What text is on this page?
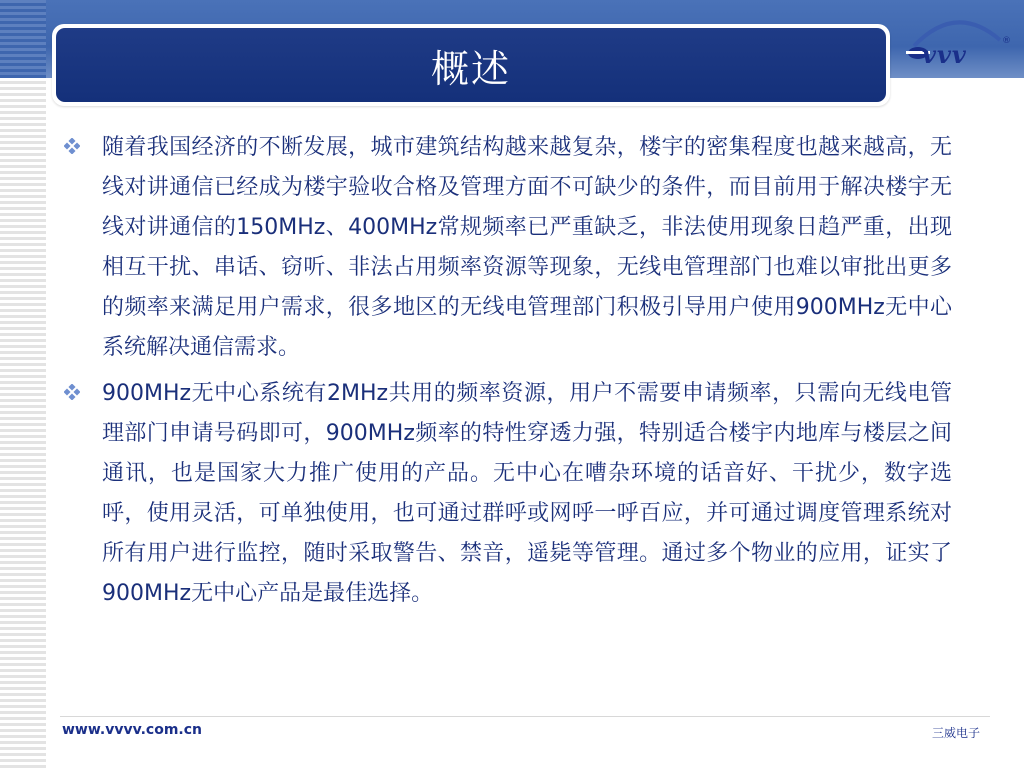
概述	vvv	®
随着我国经济的不断发展，城市建筑结构越来越复杂，楼宇的密集程度也越来越高，无线对讲通信已经成为楼宇验收合格及管理方面不可缺少的条件，而目前用于解决楼宇无线对讲通信的150MHz、400MHz常规频率已严重缺乏，非法使用现象日趋严重，出现相互干扰、串话、窃听、非法占用频率资源等现象，无线电管理部门也难以审批出更多的频率来满足用户需求，很多地区的无线电管理部门积极引导用户使用900MHz无中心系统解决通信需求。
900MHz无中心系统有2MHz共用的频率资源，用户不需要申请频率，只需向无线电管理部门申请号码即可，900MHz频率的特性穿透力强，特别适合楼宇内地库与楼层之间通讯，也是国家大力推广使用的产品。无中心在嘈杂环境的话音好、干扰少，数字选呼，使用灵活，可单独使用，也可通过群呼或网呼一呼百应，并可通过调度管理系统对所有用户进行监控，随时采取警告、禁音，遥毙等管理。通过多个物业的应用，证实了900MHz无中心产品是最佳选择。
www.vvvv.com.cn	三威电子
